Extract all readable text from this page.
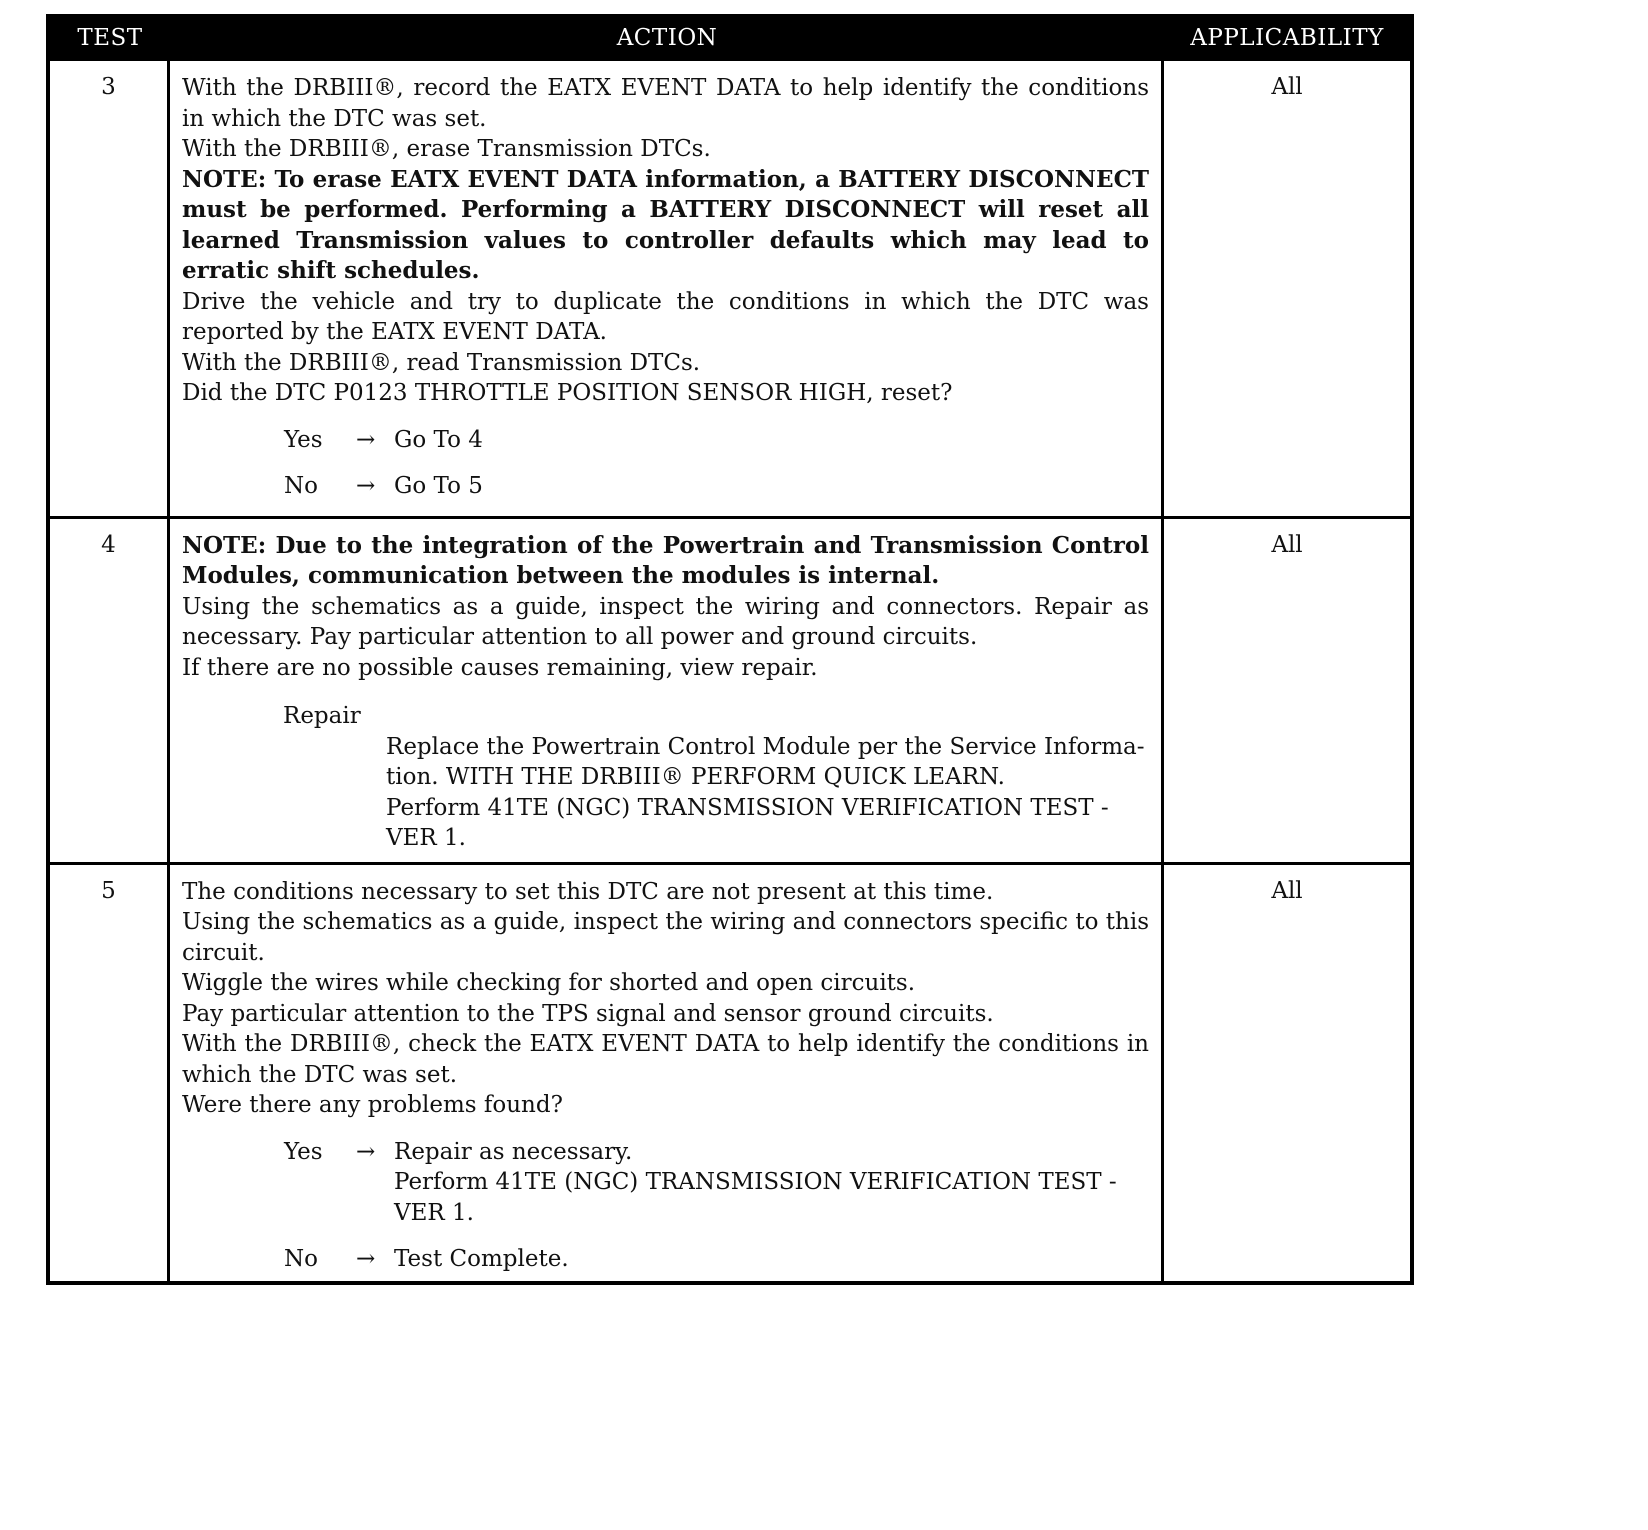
TEST	ACTION	APPLICABILITY
3	With the DRBIII®, record the EATX EVENT DATA to help identify the conditions in which the DTC was set.
With the DRBIII®, erase Transmission DTCs.
NOTE: To erase EATX EVENT DATA information, a BATTERY DISCONNECT must be performed. Performing a BATTERY DISCONNECT will reset all learned Transmission values to controller defaults which may lead to erratic shift schedules.
Drive the vehicle and try to duplicate the conditions in which the DTC was reported by the EATX EVENT DATA.
With the DRBIII®, read Transmission DTCs.
Did the DTC P0123 THROTTLE POSITION SENSOR HIGH, reset?
Yes	→ Go To 4
No	→ Go To 5
All
4	NOTE: Due to the integration of the Powertrain and Transmission Control Modules, communication between the modules is internal.
Using the schematics as a guide, inspect the wiring and connectors. Repair as necessary. Pay particular attention to all power and ground circuits.
If there are no possible causes remaining, view repair.
Repair
Replace the Powertrain Control Module per the Service Informa-
tion. WITH THE DRBIII® PERFORM QUICK LEARN.
Perform 41TE (NGC) TRANSMISSION VERIFICATION TEST -
VER 1.
All
5	The conditions necessary to set this DTC are not present at this time.
Using the schematics as a guide, inspect the wiring and connectors specific to this circuit.
Wiggle the wires while checking for shorted and open circuits.
Pay particular attention to the TPS signal and sensor ground circuits.
With the DRBIII®, check the EATX EVENT DATA to help identify the conditions in which the DTC was set.
Were there any problems found?
Yes	→ Repair as necessary.
Perform 41TE (NGC) TRANSMISSION VERIFICATION TEST -
VER 1.
No	→ Test Complete.
All
